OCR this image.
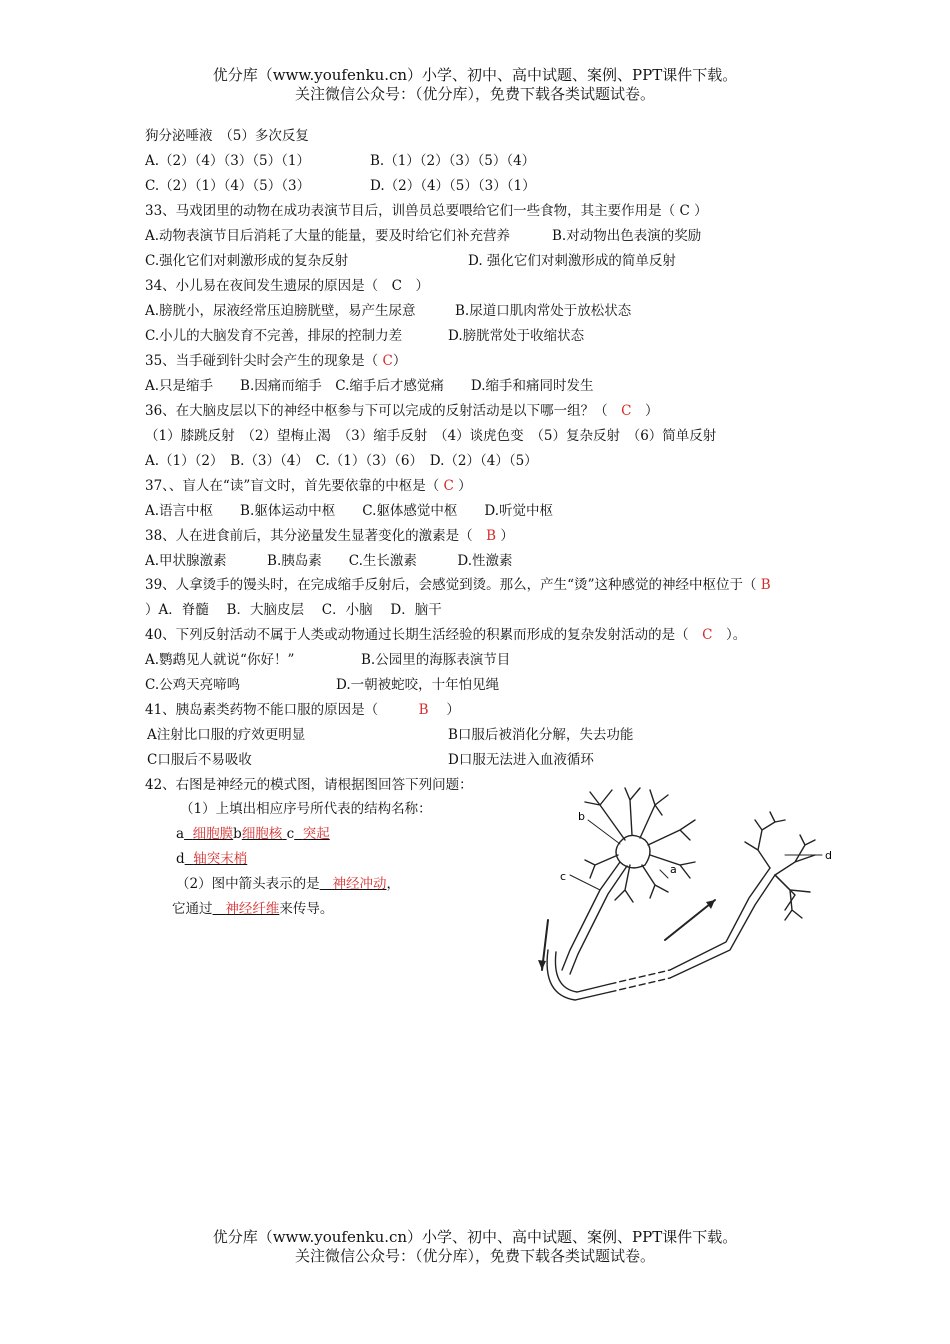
优分库（www.youfenku.cn）小学、初中、高中试题、案例、PPT课件下载。
关注微信公众号：（优分库），免费下载各类试题试卷。
狗分泌唾液　（5）多次反复
A.（2）（4）（3）（5）（1）	B.（1）（2）（3）（5）（4）
C.（2）（1）（4）（5）（3）	D.（2）（4）（5）（3）（1）
33、马戏团里的动物在成功表演节目后，训兽员总要喂给它们一些食物，其主要作用是（ C ）
A.动物表演节目后消耗了大量的能量，要及时给它们补充营养	B.对动物出色表演的奖励
C.强化它们对刺激形成的复杂反射	D. 强化它们对刺激形成的简单反射
34、小儿易在夜间发生遗尿的原因是（　C　）
A.膀胱小，尿液经常压迫膀胱壁，易产生尿意	B.尿道口肌肉常处于放松状态
C.小儿的大脑发育不完善，排尿的控制力差	D.膀胱常处于收缩状态
35、当手碰到针尖时会产生的现象是（ C）
A.只是缩手　　B.因痛而缩手　C.缩手后才感觉痛　　D.缩手和痛同时发生
36、在大脑皮层以下的神经中枢参与下可以完成的反射活动是以下哪一组？（　C　）
（1）膝跳反射　（2）望梅止渴　（3）缩手反射　（4）谈虎色变　（5）复杂反射　（6）简单反射
A.（1）（2）　B.（3）（4）　C.（1）（3）（6）　D.（2）（4）（5）
37、、盲人在“读”盲文时，首先要依靠的中枢是（ C ）
A.语言中枢　　B.躯体运动中枢　　C.躯体感觉中枢　　D.听觉中枢
38、人在进食前后，其分泌量发生显著变化的激素是（　B ）
A.甲状腺激素　　　B.胰岛素　　C.生长激素　　　D.性激素
39、人拿烫手的馒头时，在完成缩手反射后，会感觉到烫。那么，产生“烫”这种感觉的神经中枢位于（ B
）A．脊髓　 B．大脑皮层　 C．小脑　 D．脑干
40、下列反射活动不属于人类或动物通过长期生活经验的积累而形成的复杂发射活动的是（　C　）。
A.鹦鹉见人就说“你好！”	B.公园里的海豚表演节目
C.公鸡天亮啼鸣	D.一朝被蛇咬，十年怕见绳
41、胰岛素类药物不能口服的原因是（　　　B　 ）
A注射比口服的疗效更明显	B口服后被消化分解，失去功能
C口服后不易吸收	D口服无法进入血液循环
42、右图是神经元的模式图，请根据图回答下列问题：
（1）上填出相应序号所代表的结构名称：
a 细胞膜b细胞核 c 突起
d 轴突末梢
（2）图中箭头表示的是 神经冲动，
它通过 神经纤维来传导。
b
c
a
d
优分库（www.youfenku.cn）小学、初中、高中试题、案例、PPT课件下载。
关注微信公众号：（优分库），免费下载各类试题试卷。
